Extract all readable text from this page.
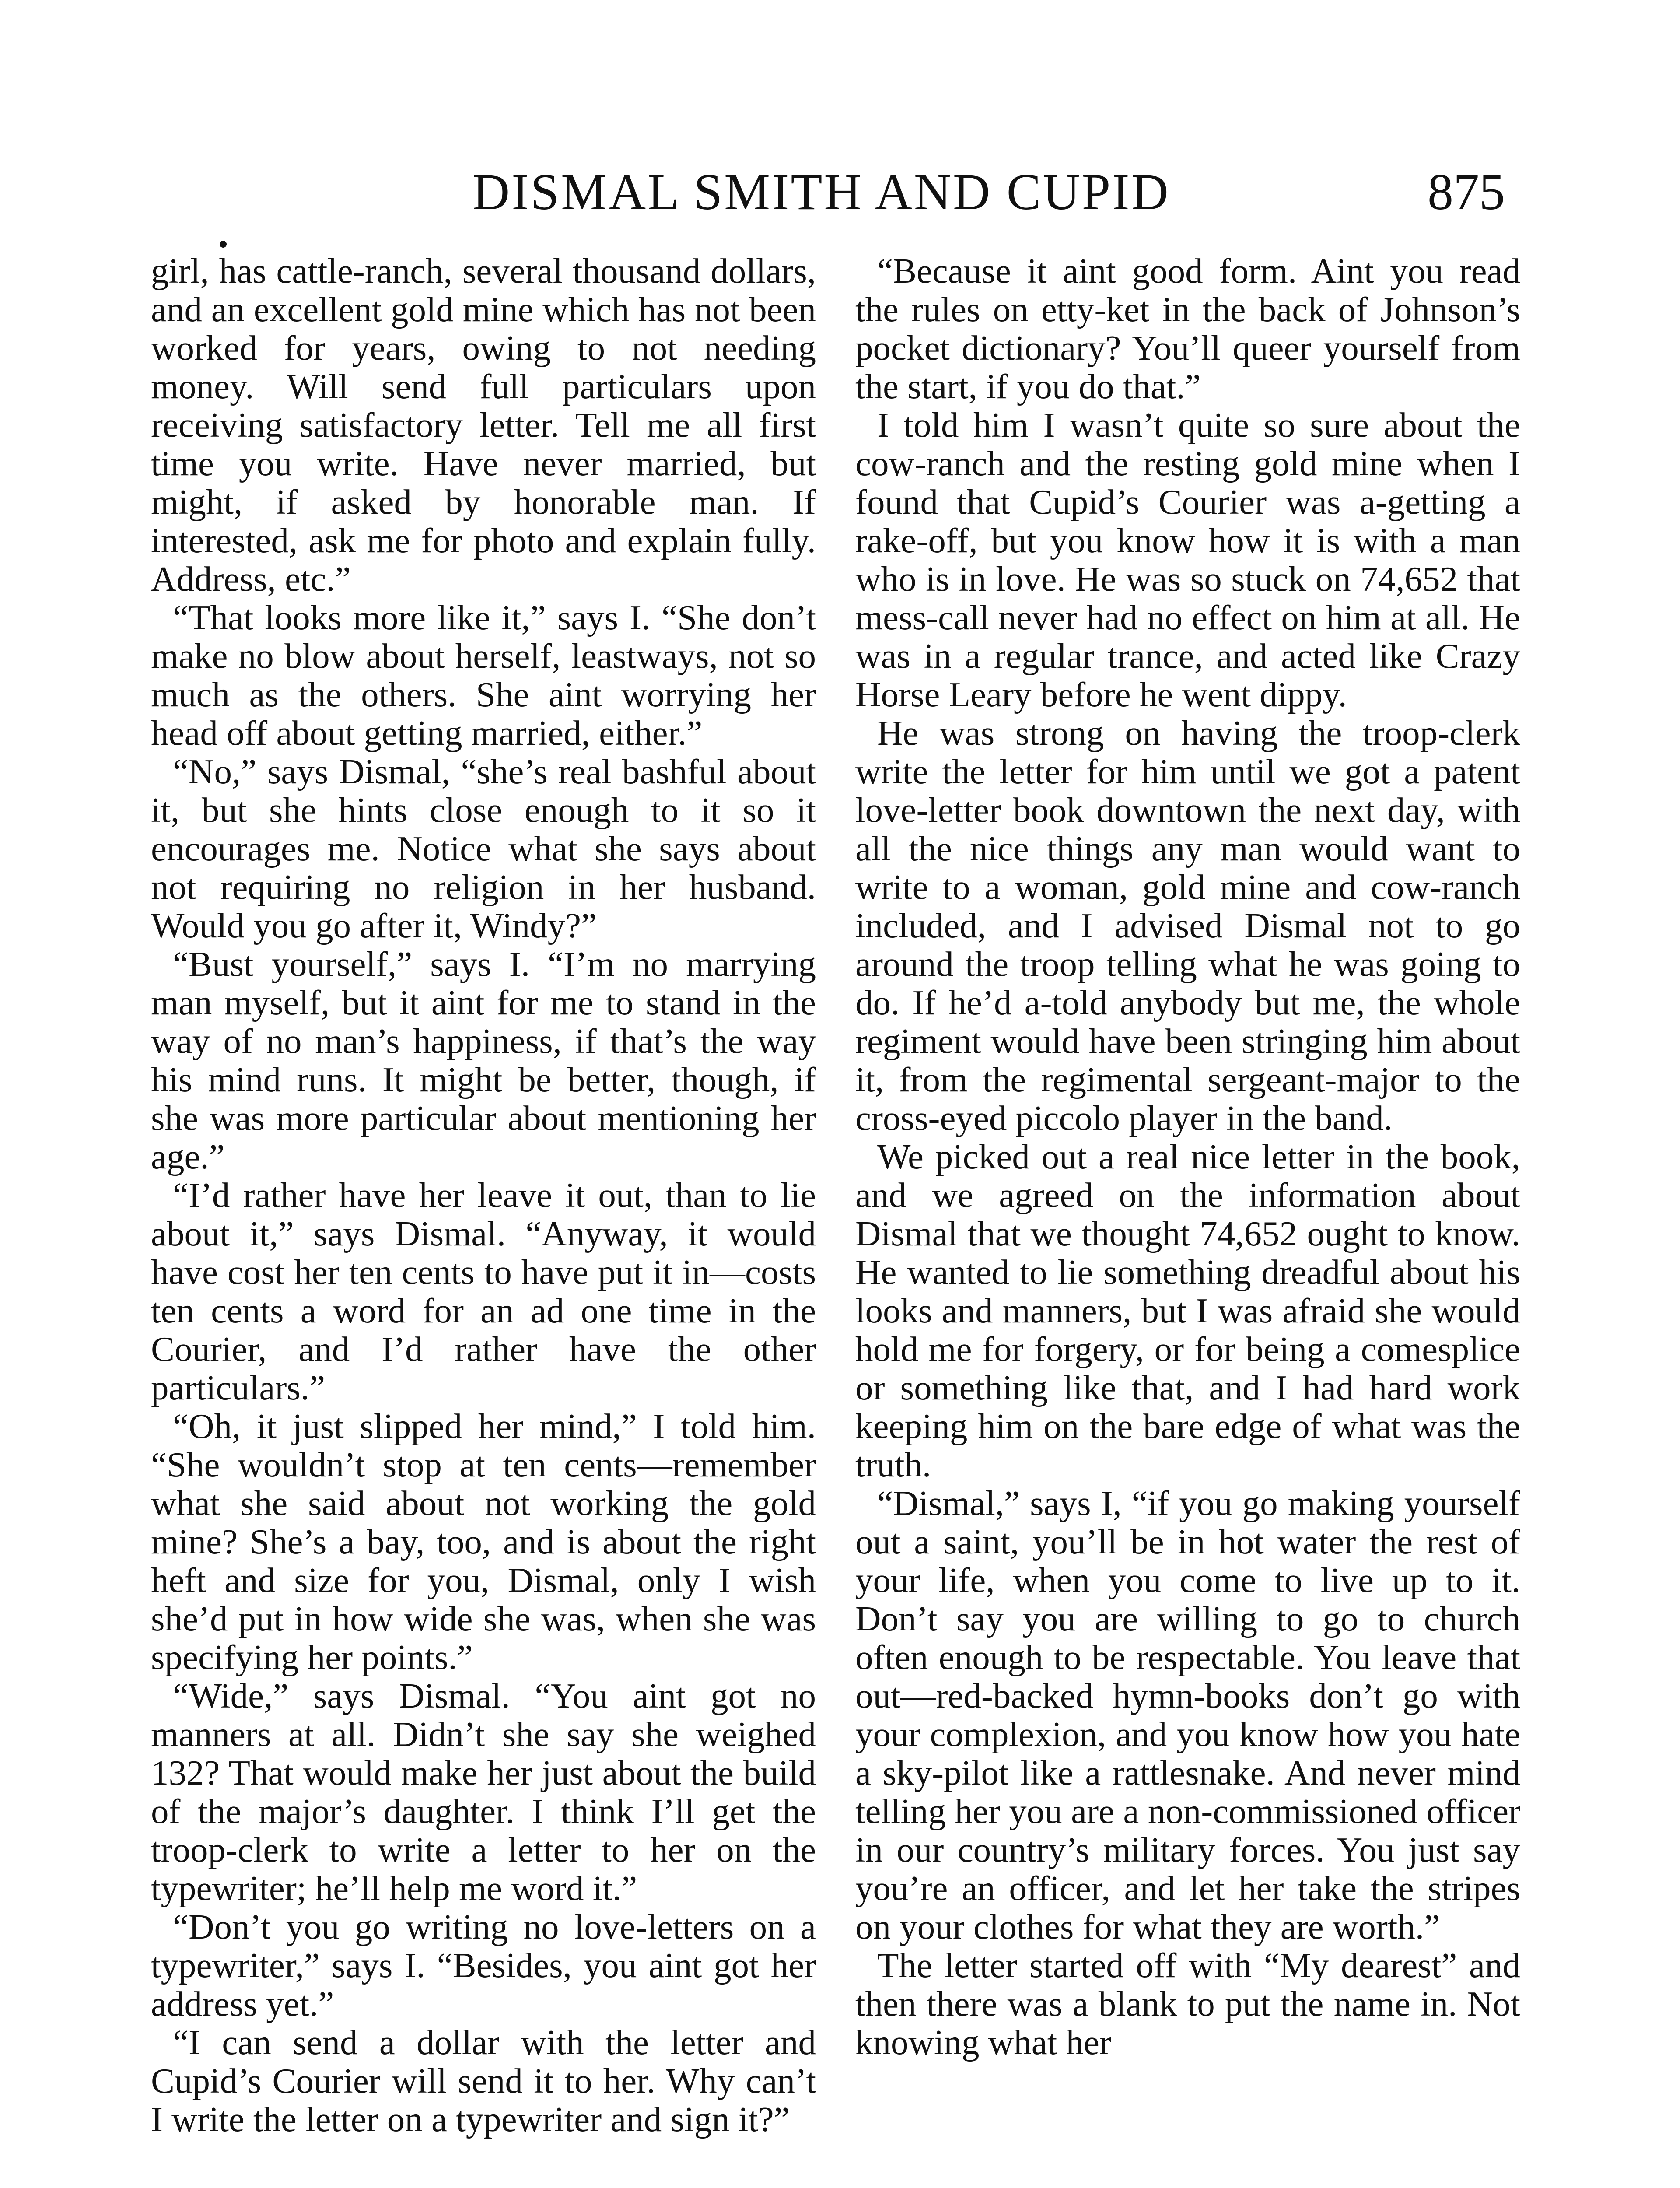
DISMAL SMITH AND CUPID	875

girl, has cattle-ranch, several thousand dollars, and an excellent gold mine which has not been worked for years, owing to not needing money. Will send full particulars upon receiving satisfactory letter. Tell me all first time you write. Have never married, but might, if asked by honorable man. If interested, ask me for photo and explain fully. Address, etc.”

“That looks more like it,” says I. “She don’t make no blow about herself, leastways, not so much as the others. She aint worrying her head off about getting married, either.”

“No,” says Dismal, “she’s real bashful about it, but she hints close enough to it so it encourages me. Notice what she says about not requiring no religion in her husband. Would you go after it, Windy?”

“Bust yourself,” says I. “I’m no marrying man myself, but it aint for me to stand in the way of no man’s happiness, if that’s the way his mind runs. It might be better, though, if she was more particular about mentioning her age.”

“I’d rather have her leave it out, than to lie about it,” says Dismal. “Anyway, it would have cost her ten cents to have put it in—costs ten cents a word for an ad one time in the Courier, and I’d rather have the other particulars.”

“Oh, it just slipped her mind,” I told him. “She wouldn’t stop at ten cents—remember what she said about not working the gold mine? She’s a bay, too, and is about the right heft and size for you, Dismal, only I wish she’d put in how wide she was, when she was specifying her points.”

“Wide,” says Dismal. “You aint got no manners at all. Didn’t she say she weighed 132? That would make her just about the build of the major’s daughter. I think I’ll get the troop-clerk to write a letter to her on the typewriter; he’ll help me word it.”

“Don’t you go writing no love-letters on a typewriter,” says I. “Besides, you aint got her address yet.”

“I can send a dollar with the letter and Cupid’s Courier will send it to her. Why can’t I write the letter on a typewriter and sign it?”

“Because it aint good form. Aint you read the rules on etty-ket in the back of Johnson’s pocket dictionary? You’ll queer yourself from the start, if you do that.”

I told him I wasn’t quite so sure about the cow-ranch and the resting gold mine when I found that Cupid’s Courier was a-getting a rake-off, but you know how it is with a man who is in love. He was so stuck on 74,652 that mess-call never had no effect on him at all. He was in a regular trance, and acted like Crazy Horse Leary before he went dippy.

He was strong on having the troop-clerk write the letter for him until we got a patent love-letter book downtown the next day, with all the nice things any man would want to write to a woman, gold mine and cow-ranch included, and I advised Dismal not to go around the troop telling what he was going to do. If he’d a-told anybody but me, the whole regiment would have been stringing him about it, from the regimental sergeant-major to the cross-eyed piccolo player in the band.

We picked out a real nice letter in the book, and we agreed on the information about Dismal that we thought 74,652 ought to know. He wanted to lie something dreadful about his looks and manners, but I was afraid she would hold me for forgery, or for being a comesplice or something like that, and I had hard work keeping him on the bare edge of what was the truth.

“Dismal,” says I, “if you go making yourself out a saint, you’ll be in hot water the rest of your life, when you come to live up to it. Don’t say you are willing to go to church often enough to be respectable. You leave that out—red-backed hymn-books don’t go with your complexion, and you know how you hate a sky-pilot like a rattlesnake. And never mind telling her you are a non-commissioned officer in our country’s military forces. You just say you’re an officer, and let her take the stripes on your clothes for what they are worth.”

The letter started off with “My dearest” and then there was a blank to put the name in. Not knowing what her
